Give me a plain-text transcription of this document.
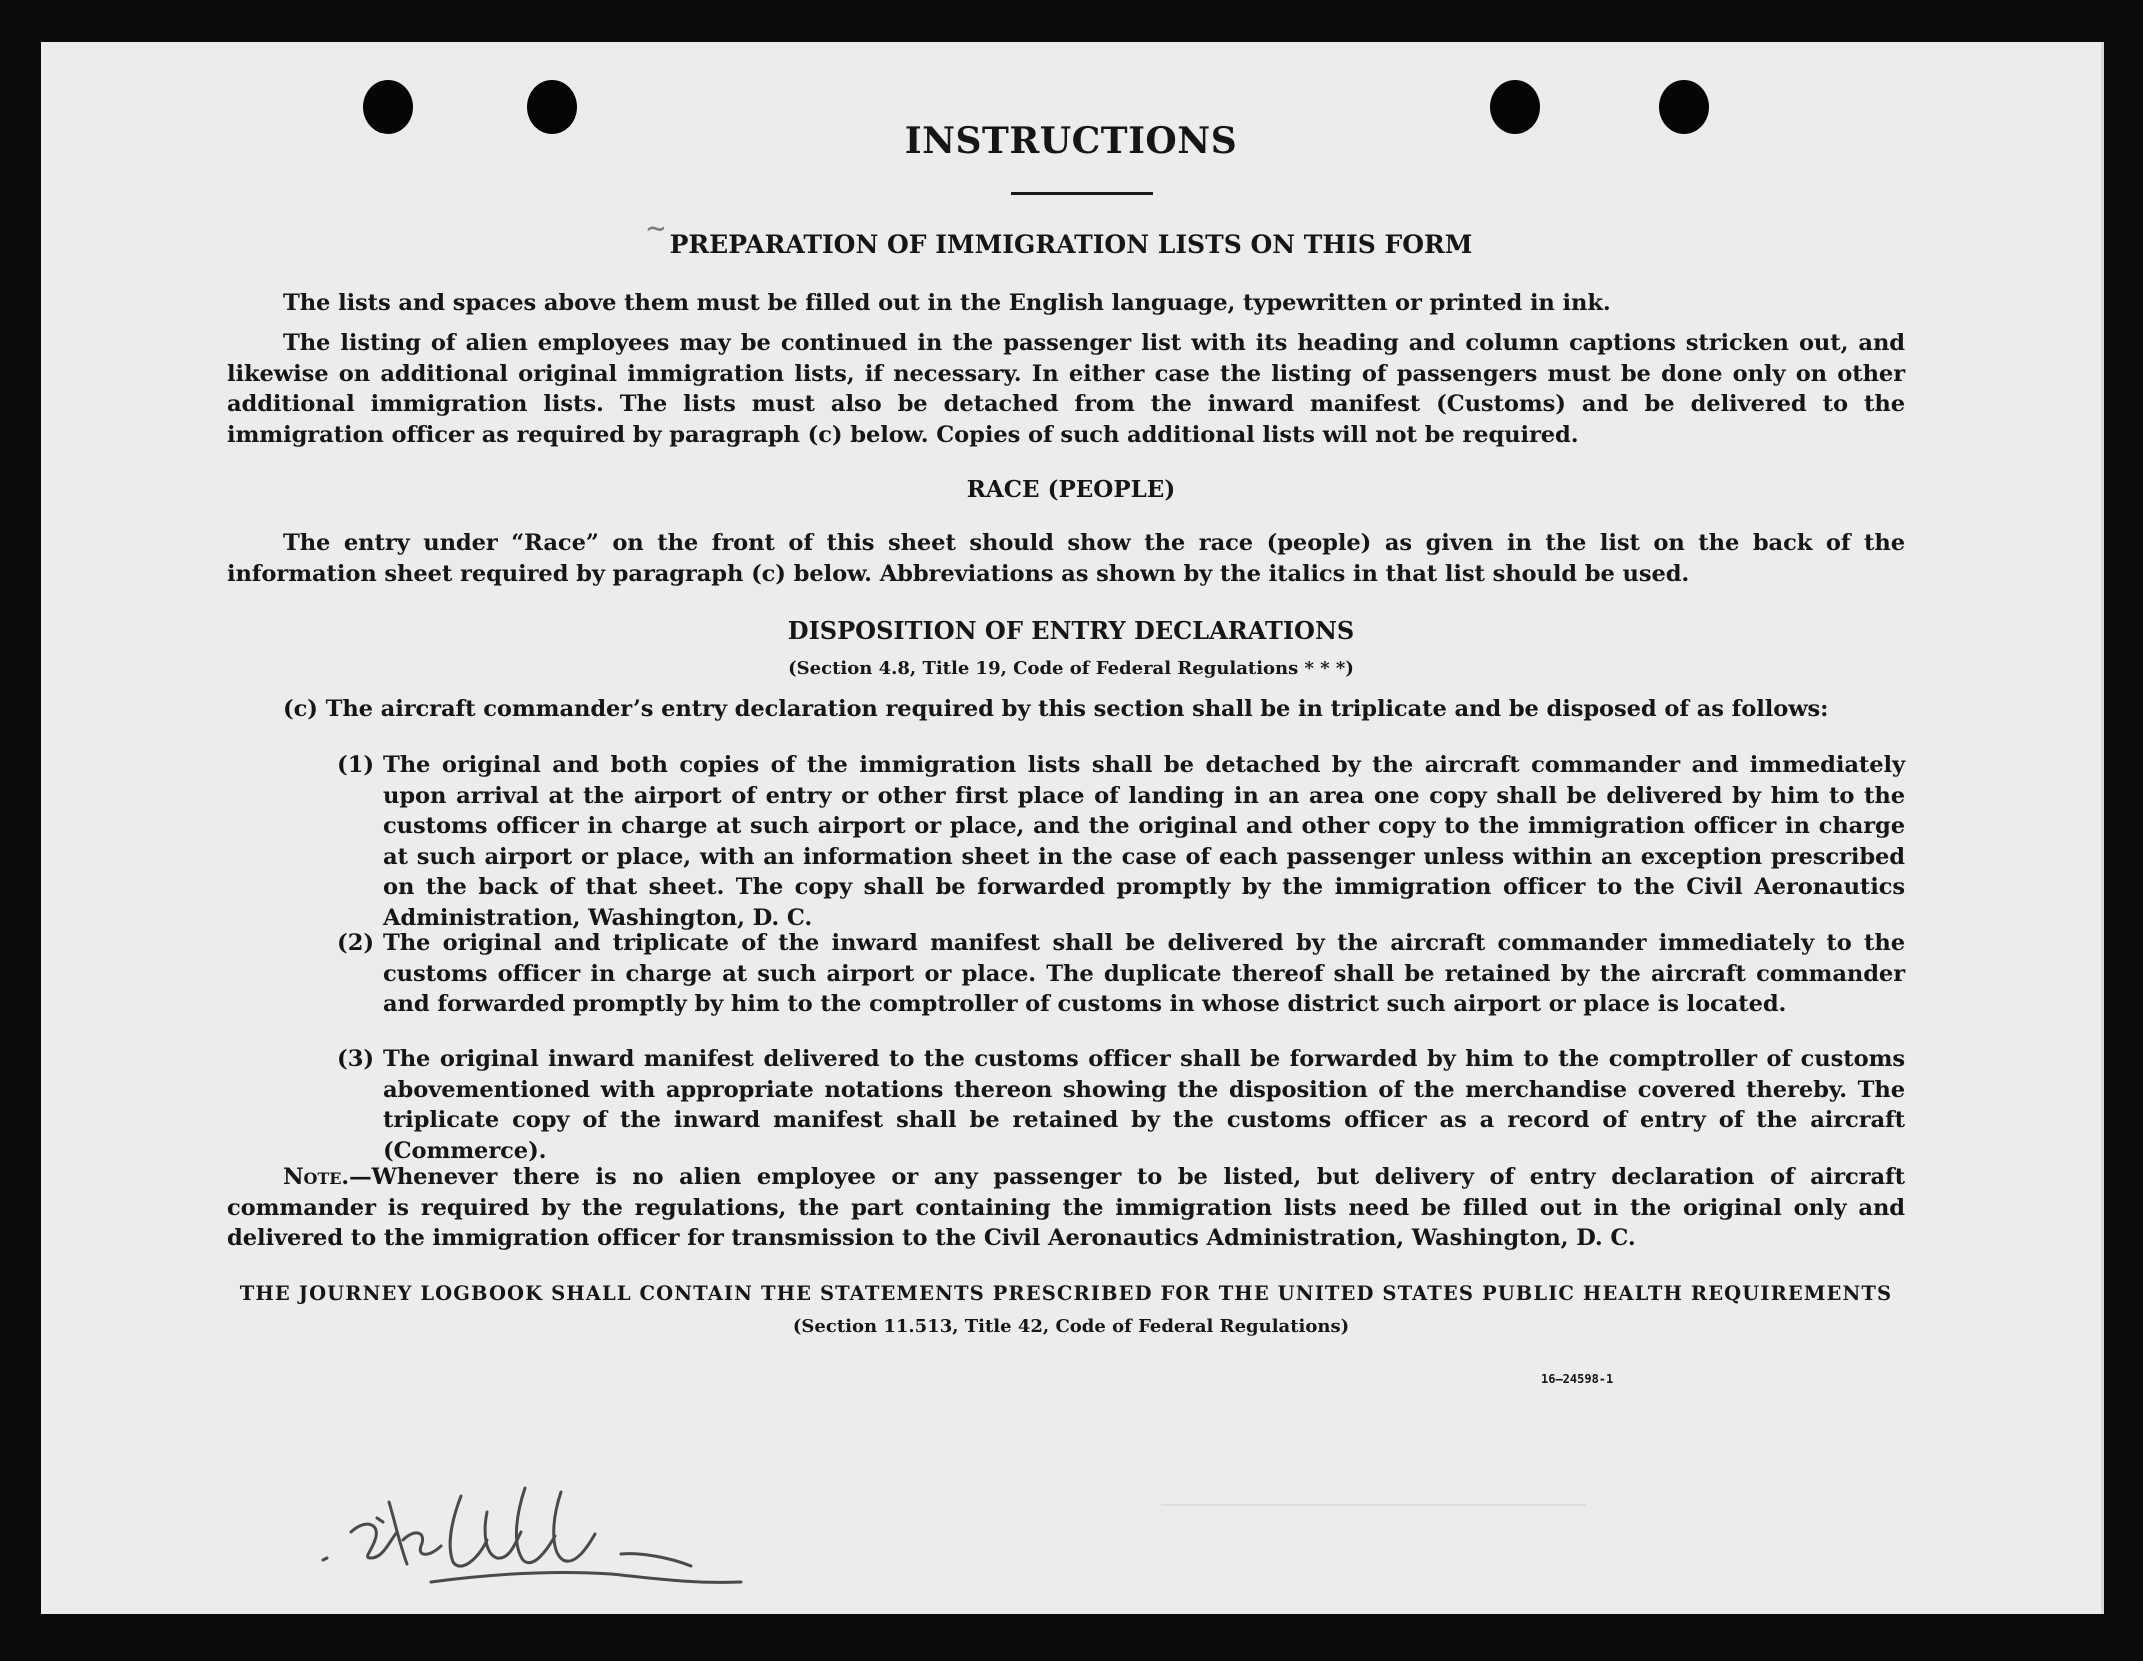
INSTRUCTIONS
∼
PREPARATION OF IMMIGRATION LISTS ON THIS FORM

The lists and spaces above them must be filled out in the English language, typewritten or printed in ink.

The listing of alien employees may be continued in the passenger list with its heading and column captions stricken out, and likewise on additional original immigration lists, if necessary. In either case the listing of passengers must be done only on other additional immigration lists. The lists must also be detached from the inward manifest (Customs) and be delivered to the immigration officer as required by paragraph (c) below. Copies of such additional lists will not be required.

RACE (PEOPLE)

The entry under “Race” on the front of this sheet should show the race (people) as given in the list on the back of the information sheet required by paragraph (c) below. Abbreviations as shown by the italics in that list should be used.

DISPOSITION OF ENTRY DECLARATIONS
(Section 4.8, Title 19, Code of Federal Regulations * * *)

(c) The aircraft commander’s entry declaration required by this section shall be in triplicate and be disposed of as follows:

(1) The original and both copies of the immigration lists shall be detached by the aircraft commander and immediately upon arrival at the airport of entry or other first place of landing in an area one copy shall be delivered by him to the customs officer in charge at such airport or place, and the original and other copy to the immigration officer in charge at such airport or place, with an information sheet in the case of each passenger unless within an exception prescribed on the back of that sheet. The copy shall be forwarded promptly by the immigration officer to the Civil Aeronautics Administration, Washington, D. C.

(2) The original and triplicate of the inward manifest shall be delivered by the aircraft commander immediately to the customs officer in charge at such airport or place. The duplicate thereof shall be retained by the aircraft commander and forwarded promptly by him to the comptroller of customs in whose district such airport or place is located.

(3) The original inward manifest delivered to the customs officer shall be forwarded by him to the comptroller of customs abovementioned with appropriate notations thereon showing the disposition of the merchandise covered thereby. The triplicate copy of the inward manifest shall be retained by the customs officer as a record of entry of the aircraft (Commerce).

Note.—Whenever there is no alien employee or any passenger to be listed, but delivery of entry declaration of aircraft commander is required by the regulations, the part containing the immigration lists need be filled out in the original only and delivered to the immigration officer for transmission to the Civil Aeronautics Administration, Washington, D. C.

THE JOURNEY LOGBOOK SHALL CONTAIN THE STATEMENTS PRESCRIBED FOR THE UNITED STATES PUBLIC HEALTH REQUIREMENTS
(Section 11.513, Title 42, Code of Federal Regulations)
16—24598-1
⎯⎯⎯⎯⎯⎯⎯⎯⎯⎯⎯⎯⎯⎯⎯⎯⎯⎯⎯⎯⎯⎯⎯⎯⎯⎯⎯⎯⎯⎯⎯⎯⎯⎯⎯⎯⎯⎯⎯⎯⎯⎯⎯⎯⎯⎯⎯⎯⎯⎯
